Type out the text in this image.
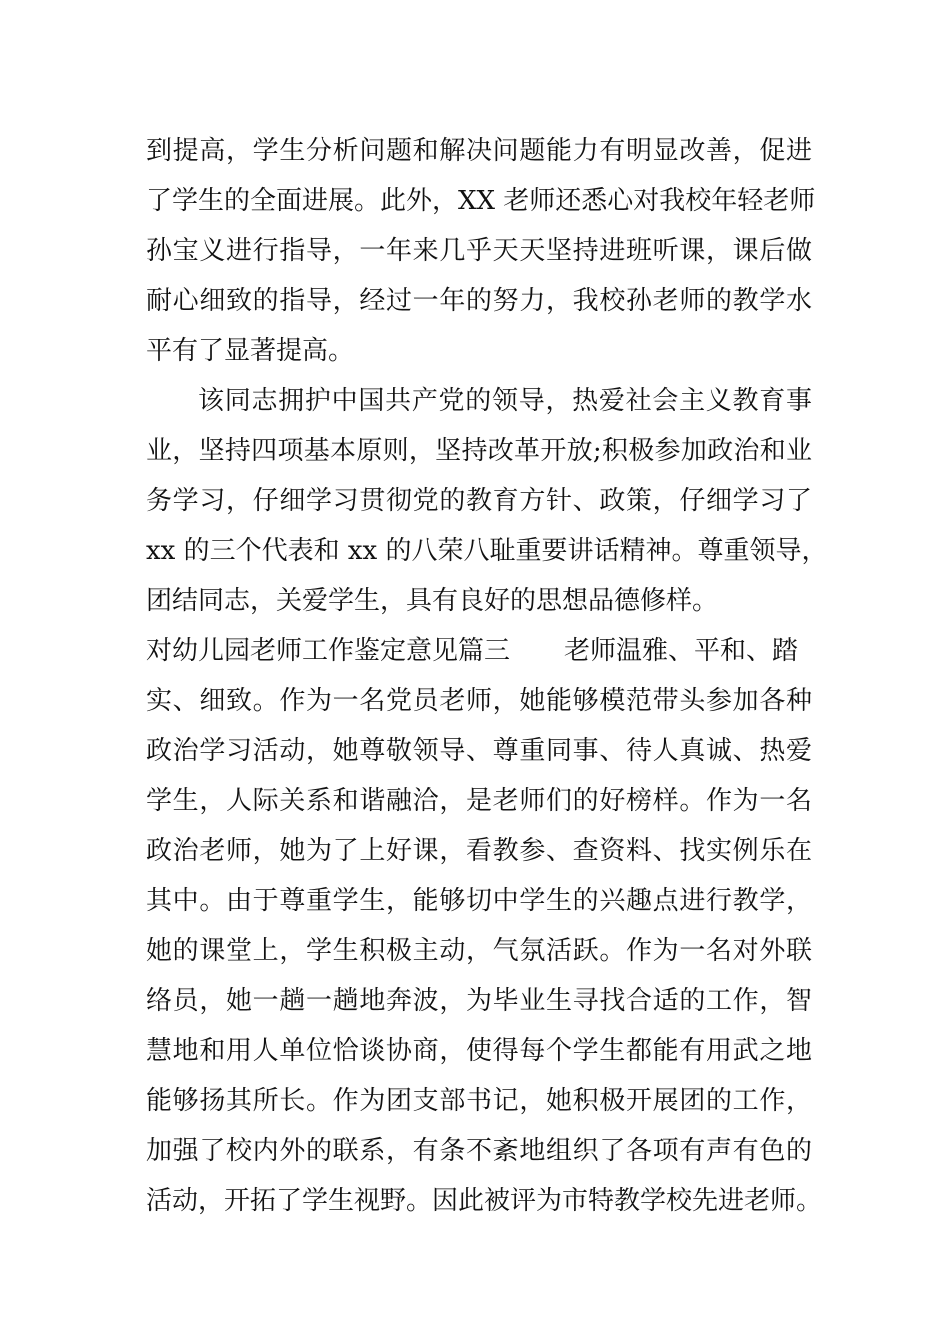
到提高，学生分析问题和解决问题能力有明显改善，促进
了学生的全面进展。此外，XX 老师还悉心对我校年轻老师
孙宝义进行指导，一年来几乎天天坚持进班听课，课后做
耐心细致的指导，经过一年的努力，我校孙老师的教学水
平有了显著提高。
该同志拥护中国共产党的领导，热爱社会主义教育事
业，坚持四项基本原则，坚持改革开放;积极参加政治和业
务学习，仔细学习贯彻党的教育方针、政策，仔细学习了
xx 的三个代表和 xx 的八荣八耻重要讲话精神。尊重领导，
团结同志，关爱学生，具有良好的思想品德修样。
对幼儿园老师工作鉴定意见篇三 老师温雅、平和、踏
实、细致。作为一名党员老师，她能够模范带头参加各种
政治学习活动，她尊敬领导、尊重同事、待人真诚、热爱
学生，人际关系和谐融洽，是老师们的好榜样。作为一名
政治老师，她为了上好课，看教参、查资料、找实例乐在
其中。由于尊重学生，能够切中学生的兴趣点进行教学，
她的课堂上，学生积极主动，气氛活跃。作为一名对外联
络员，她一趟一趟地奔波，为毕业生寻找合适的工作，智
慧地和用人单位恰谈协商，使得每个学生都能有用武之地
能够扬其所长。作为团支部书记，她积极开展团的工作，
加强了校内外的联系，有条不紊地组织了各项有声有色的
活动，开拓了学生视野。因此被评为市特教学校先进老师。
